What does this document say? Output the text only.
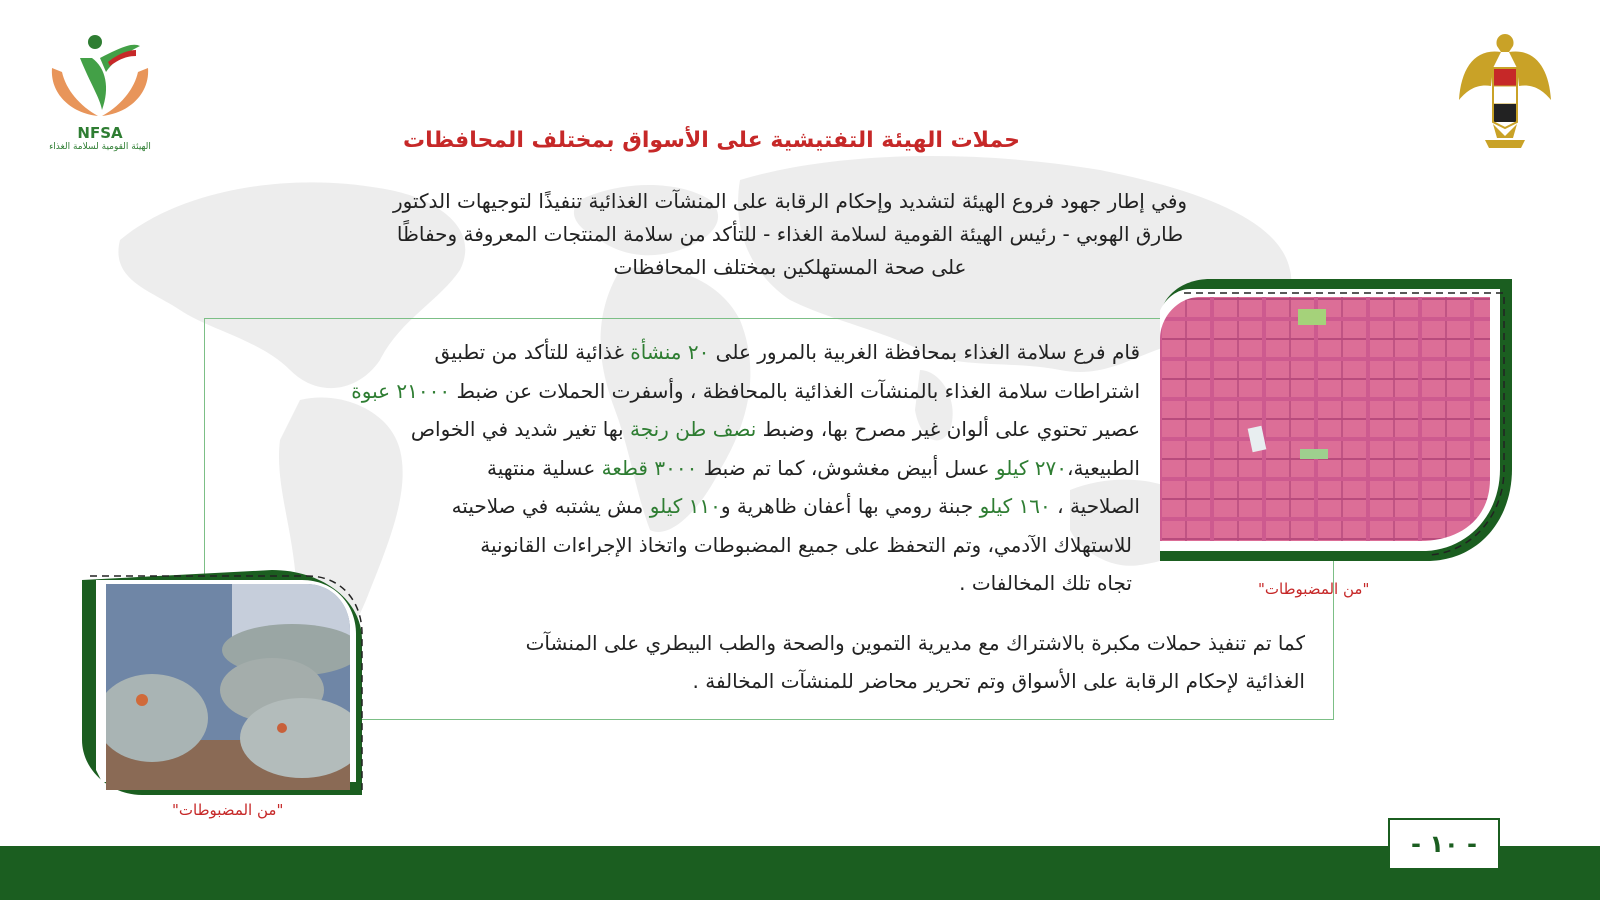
NFSA
الهيئة القومية لسلامة الغذاء	حملات الهيئة التفتيشية على الأسواق بمختلف المحافظات
وفي إطار جهود فروع الهيئة لتشديد وإحكام الرقابة على المنشآت الغذائية تنفيذًا لتوجيهات الدكتور
طارق الهوبي - رئيس الهيئة القومية لسلامة الغذاء - للتأكد من سلامة المنتجات المعروفة وحفاظًا
على صحة المستهلكين بمختلف المحافظات
"من المضبوطات"
"من المضبوطات"
قام فرع سلامة الغذاء بمحافظة الغربية بالمرور على ٢٠ منشأة غذائية للتأكد من تطبيق
اشتراطات سلامة الغذاء بالمنشآت الغذائية بالمحافظة ، وأسفرت الحملات عن ضبط ٢١٠٠٠ عبوة
عصير تحتوي على ألوان غير مصرح بها، وضبط نصف طن رنجة بها تغير شديد في الخواص
الطبيعية،٢٧٠ كيلو عسل أبيض مغشوش، كما تم ضبط ٣٠٠٠ قطعة عسلية منتهية
الصلاحية ، ١٦٠ كيلو جبنة رومي بها أعفان ظاهرية و١١٠ كيلو مش يشتبه في صلاحيته
للاستهلاك الآدمي، وتم التحفظ على جميع المضبوطات واتخاذ الإجراءات القانونية
تجاه تلك المخالفات .
كما تم تنفيذ حملات مكبرة بالاشتراك مع مديرية التموين والصحة والطب البيطري على المنشآت
الغذائية لإحكام الرقابة على الأسواق وتم تحرير محاضر للمنشآت المخالفة .
- ١٠ -
